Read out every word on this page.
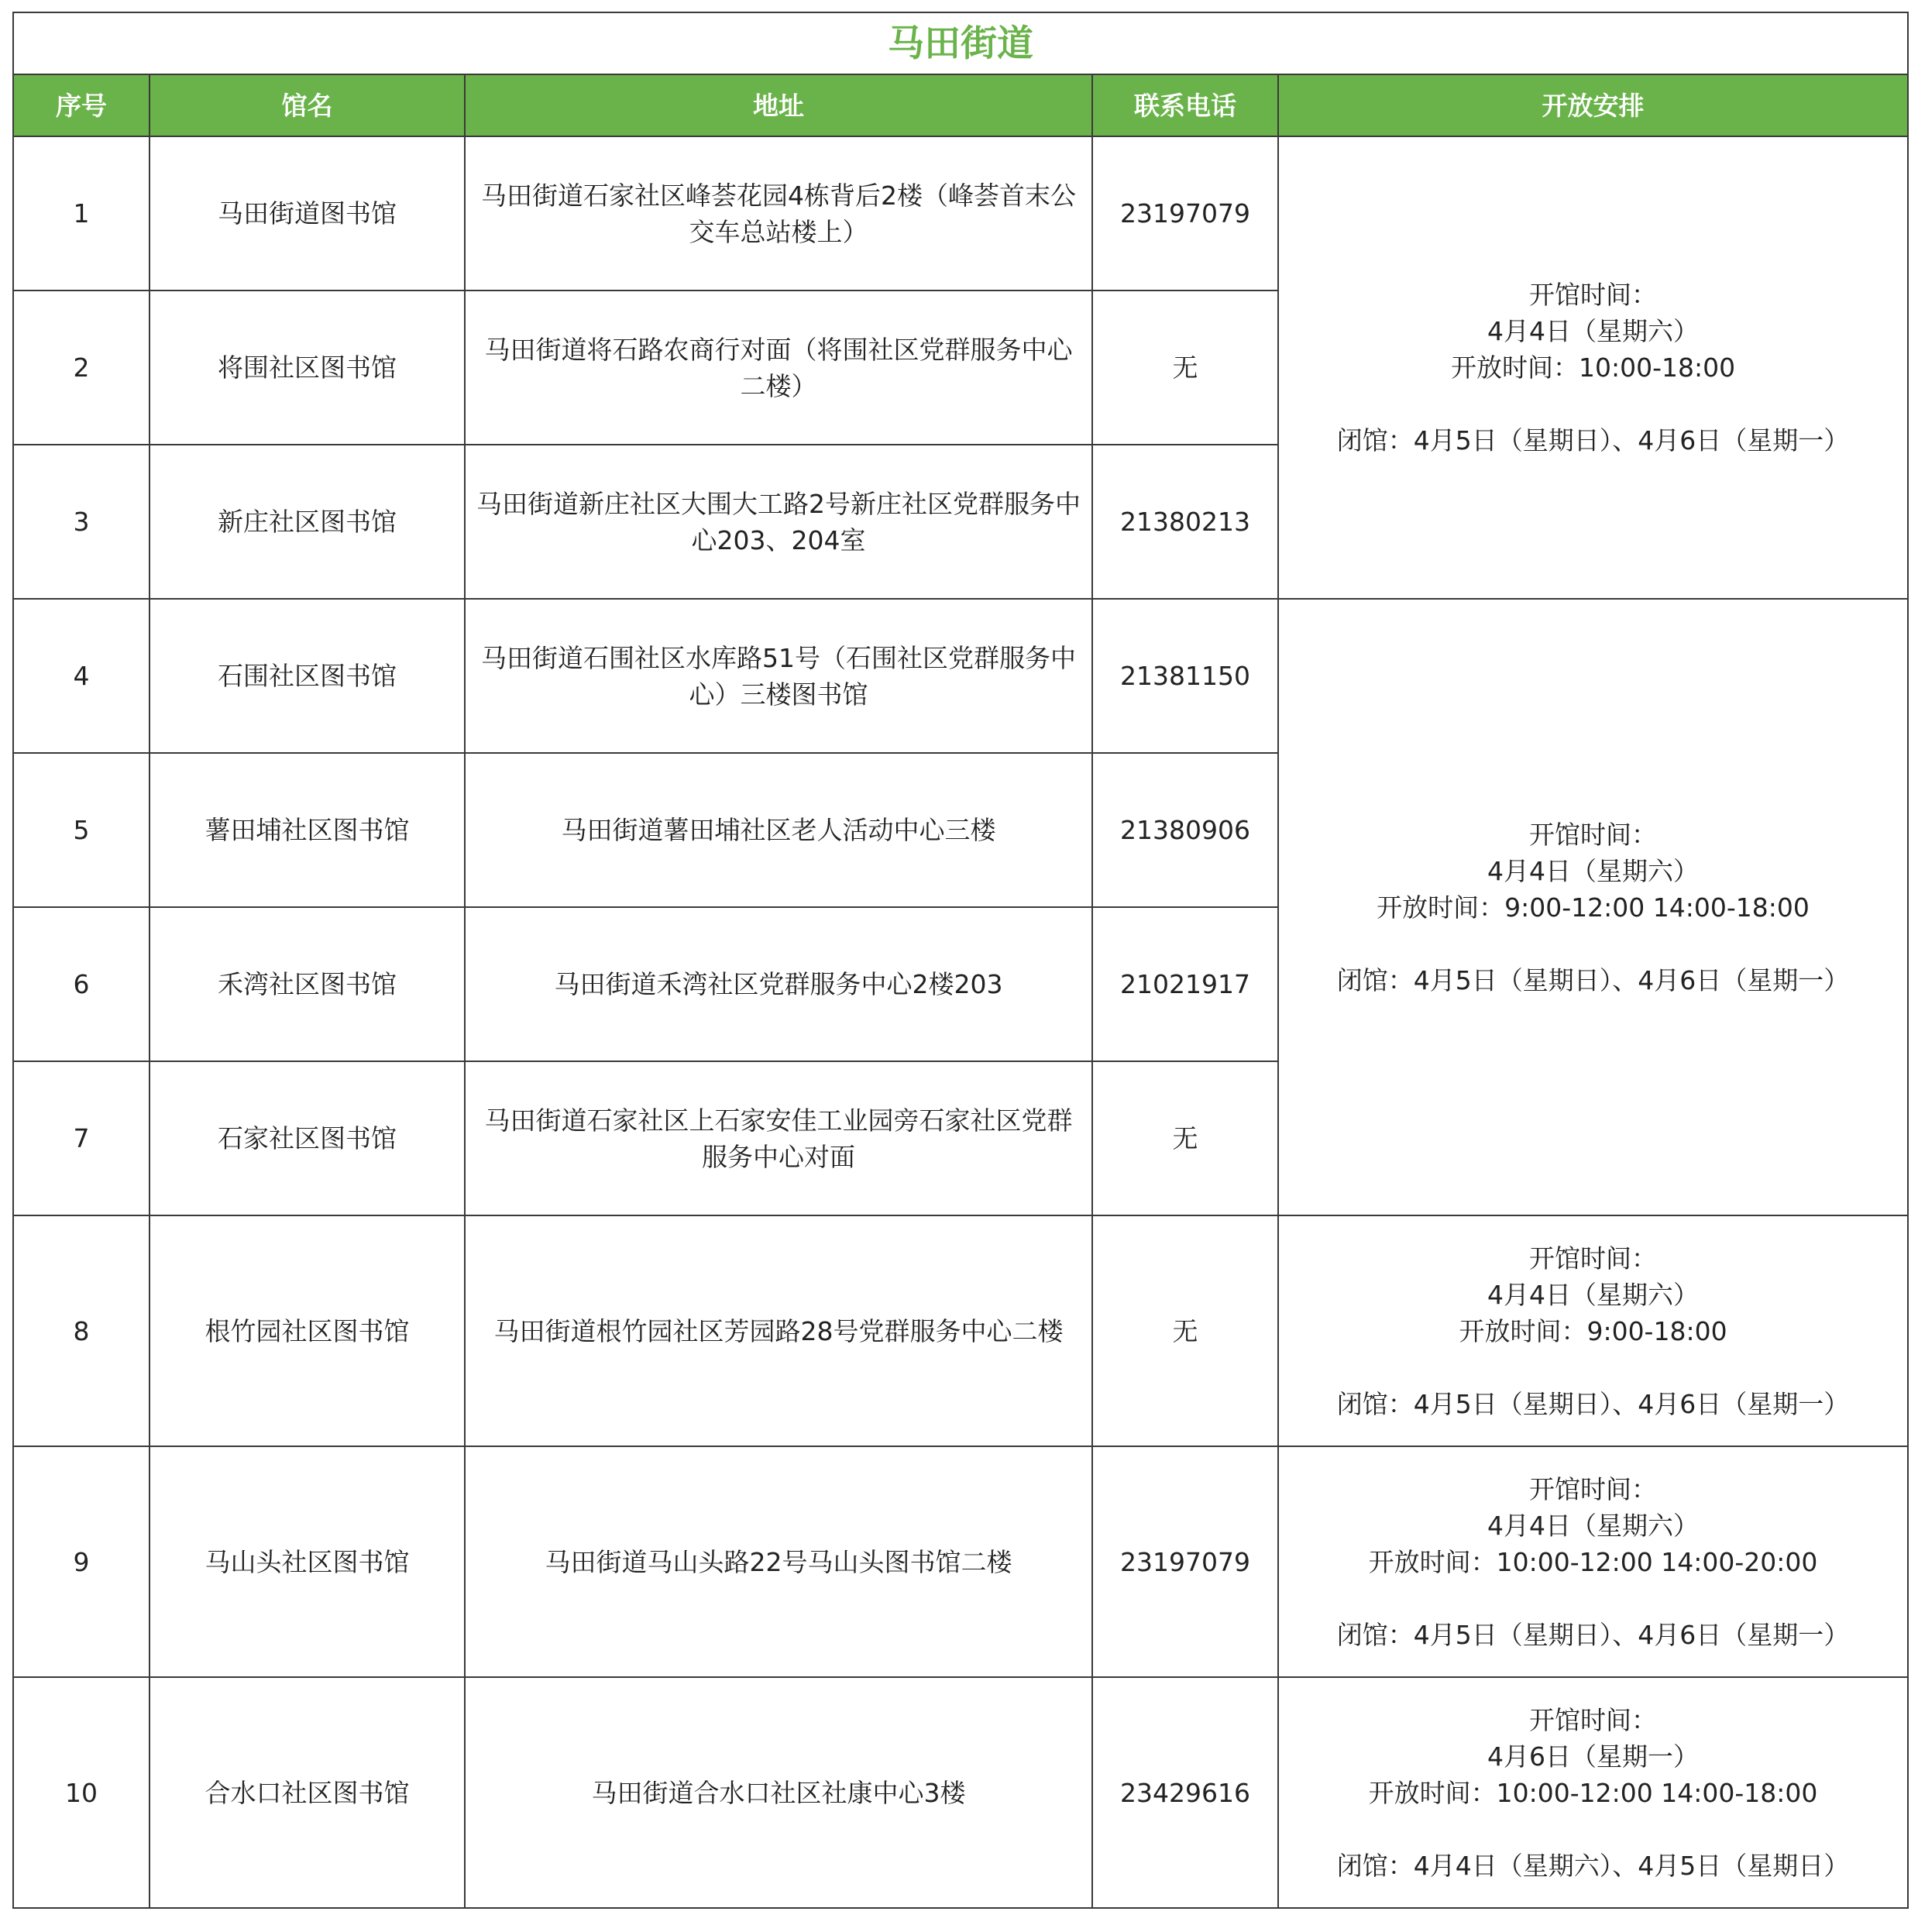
马田街道				
序号	馆名	地址	联系电话	开放安排
1	马田街道图书馆	马田街道石家社区峰荟花园4栋背后2楼（峰荟首末公交车总站楼上）	23197079	开馆时间：
4月4日（星期六）
开放时间：10:00-18:00
闭馆：4月5日（星期日）、4月6日（星期一）

2	将围社区图书馆	马田街道将石路农商行对面（将围社区党群服务中心二楼）	无	
3	新庄社区图书馆	马田街道新庄社区大围大工路2号新庄社区党群服务中心203、204室	21380213	
4	石围社区图书馆	马田街道石围社区水库路51号（石围社区党群服务中心）三楼图书馆	21381150	开馆时间：
4月4日（星期六）
开放时间：9:00-12:00 14:00-18:00
闭馆：4月5日（星期日）、4月6日（星期一）

5	薯田埔社区图书馆	马田街道薯田埔社区老人活动中心三楼	21380906	
6	禾湾社区图书馆	马田街道禾湾社区党群服务中心2楼203	21021917	
7	石家社区图书馆	马田街道石家社区上石家安佳工业园旁石家社区党群服务中心对面	无	
8	根竹园社区图书馆	马田街道根竹园社区芳园路28号党群服务中心二楼	无	开馆时间：
4月4日（星期六）
开放时间：9:00-18:00
闭馆：4月5日（星期日）、4月6日（星期一）

9	马山头社区图书馆	马田街道马山头路22号马山头图书馆二楼	23197079	开馆时间：
4月4日（星期六）
开放时间：10:00-12:00 14:00-20:00
闭馆：4月5日（星期日）、4月6日（星期一）

10	合水口社区图书馆	马田街道合水口社区社康中心3楼	23429616	开馆时间：
4月6日（星期一）
开放时间：10:00-12:00 14:00-18:00
闭馆：4月4日（星期六）、4月5日（星期日）
